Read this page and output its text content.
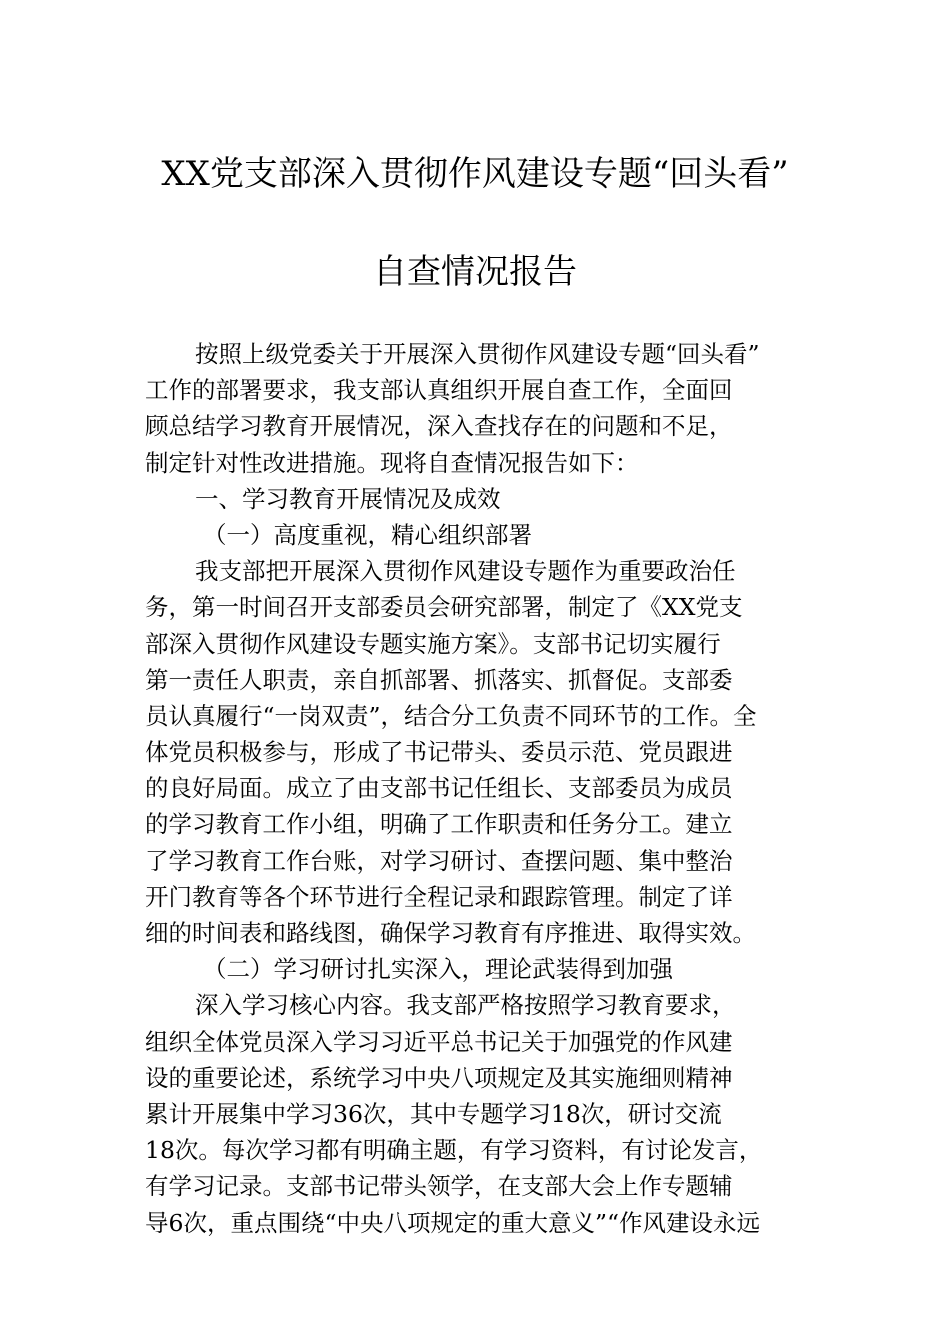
XX党支部深入贯彻作风建设专题“回头看”
自查情况报告
按照上级党委关于开展深入贯彻作风建设专题“回头看”
工作的部署要求，我支部认真组织开展自查工作，全面回
顾总结学习教育开展情况，深入查找存在的问题和不足，
制定针对性改进措施。现将自查情况报告如下：
一、学习教育开展情况及成效
（一）高度重视，精心组织部署
我支部把开展深入贯彻作风建设专题作为重要政治任
务，第一时间召开支部委员会研究部署，制定了《XX党支
部深入贯彻作风建设专题实施方案》。支部书记切实履行
第一责任人职责，亲自抓部署、抓落实、抓督促。支部委
员认真履行“一岗双责”，结合分工负责不同环节的工作。全
体党员积极参与，形成了书记带头、委员示范、党员跟进
的良好局面。成立了由支部书记任组长、支部委员为成员
的学习教育工作小组，明确了工作职责和任务分工。建立
了学习教育工作台账，对学习研讨、查摆问题、集中整治
开门教育等各个环节进行全程记录和跟踪管理。制定了详
细的时间表和路线图，确保学习教育有序推进、取得实效。
（二）学习研讨扎实深入，理论武装得到加强
深入学习核心内容。我支部严格按照学习教育要求，
组织全体党员深入学习习近平总书记关于加强党的作风建
设的重要论述，系统学习中央八项规定及其实施细则精神
累计开展集中学习36次，其中专题学习18次，研讨交流
18次。每次学习都有明确主题，有学习资料，有讨论发言，
有学习记录。支部书记带头领学，在支部大会上作专题辅
导6次，重点围绕“中央八项规定的重大意义”“作风建设永远
